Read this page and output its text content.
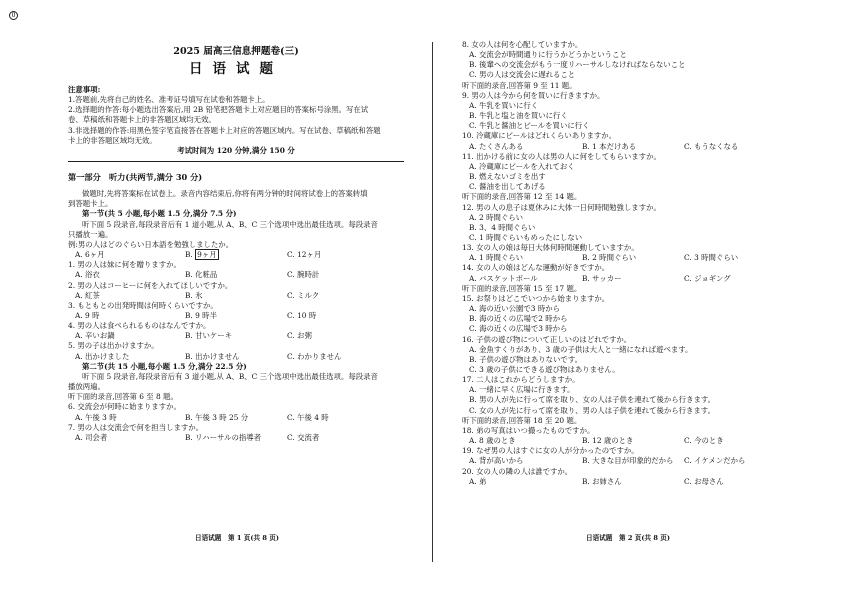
0
2025 届高三信息押题卷(三)
日语试题
注意事项:
1.答题前,先将自己的姓名、准考证号填写在试卷和答题卡上。
2.选择题的作答:每小题选出答案后,用 2B 铅笔把答题卡上对应题目的答案标号涂黑。写在试
卷、草稿纸和答题卡上的非答题区域均无效。
3.非选择题的作答:用黑色签字笔直接答在答题卡上对应的答题区域内。写在试卷、草稿纸和答题
卡上的非答题区域均无效。
考试时间为 120 分钟,满分 150 分
第一部分　听力(共两节,满分 30 分)
做题时,先将答案标在试卷上。录音内容结束后,你将有两分钟的时间将试卷上的答案转填
到答题卡上。
第一节(共 5 小题,每小题 1.5 分,满分 7.5 分)
听下面 5 段录音,每段录音后有 1 道小题,从 A、B、C 三个选项中选出最佳选项。每段录音
只播放一遍。
例:男の人はどのぐらい日本語を勉強しましたか。
A. 6ヶ月	B. 9ヶ月	C. 12ヶ月
1. 男の人は妹に何を贈りますか。
A. 浴衣	B. 化粧品	C. 腕時計
2. 男の人はコーヒーに何を入れてほしいですか。
A. 紅茶	B. 氷	C. ミルク
3. もともとの出発時間は何時くらいですか。
A. 9 時	B. 9 時半	C. 10 時
4. 男の人は食べられるものはなんですか。
A. 辛いお鍋	B. 甘いケーキ	C. お粥
5. 男の子は出かけますか。
A. 出かけました	B. 出かけません	C. わかりません
第二节(共 15 小题,每小题 1.5 分,满分 22.5 分)
听下面 5 段录音,每段录音后有 3 道小题,从 A、B、C 三个选项中选出最佳选项。每段录音
播放两遍。
听下面的录音,回答第 6 至 8 题。
6. 交流会が何時に始まりますか。
A. 午後 3 時	B. 午後 3 時 25 分	C. 午後 4 時
7. 男の人は交流会で何を担当しますか。
A. 司会者	B. リハーサルの指導者	C. 交流者
日语试题　第 1 页(共 8 页)
8. 女の人は何を心配していますか。
A. 交流会が時間通りに行うかどうかということ
B. 後輩への交流会がもう一度リハーサルしなければならないこと
C. 男の人は交流会に遅れること
听下面的录音,回答第 9 至 11 题。
9. 男の人は今から何を買いに行きますか。
A. 牛乳を買いに行く
B. 牛乳と塩と油を買いに行く
C. 牛乳と醤油とビールを買いに行く
10. 冷蔵庫にビールはどれくらいありますか。
A. たくさんある	B. 1 本だけある	C. もうなくなる
11. 出かける前に女の人は男の人に何をしてもらいますか。
A. 冷蔵庫にビールを入れておく
B. 燃えないゴミを出す
C. 醤油を出してあげる
听下面的录音,回答第 12 至 14 题。
12. 男の人の息子は夏休みに大体一日何時間勉強しますか。
A. 2 時間ぐらい
B. 3、4 時間ぐらい
C. 1 時間ぐらいもめったにしない
13. 女の人の娘は毎日大体何時間運動していますか。
A. 1 時間ぐらい	B. 2 時間ぐらい	C. 3 時間ぐらい
14. 女の人の娘はどんな運動が好きですか。
A. バスケットボール	B. サッカー	C. ジョギング
听下面的录音,回答第 15 至 17 题。
15. お祭りはどこでいつから始まりますか。
A. 海の近い公園で3 時から
B. 海の近くの広場で2 時から
C. 海の近くの広場で3 時から
16. 子供の遊び物について正しいのはどれですか。
A. 金魚すくりがあり、3 歳の子供は大人と一緒になれば遊べます。
B. 子供の遊び物はありないです。
C. 3 歳の子供にできる遊び物はありません。
17. 二人はこれからどうしますか。
A. 一緒に早く広場に行きます。
B. 男の人が先に行って席を取り、女の人は子供を連れて後から行きます。
C. 女の人が先に行って席を取り、男の人は子供を連れて後から行きます。
听下面的录音,回答第 18 至 20 题。
18. 弟の写真はいつ撮ったものですか。
A. 8 歳のとき	B. 12 歳のとき	C. 今のとき
19. なぜ男の人はすぐに女の人が分かったのですか。
A. 背が高いから	B. 大きな目が印象的だから	C. イケメンだから
20. 女の人の隣の人は誰ですか。
A. 弟	B. お姉さん	C. お母さん
日语试题　第 2 页(共 8 页)
